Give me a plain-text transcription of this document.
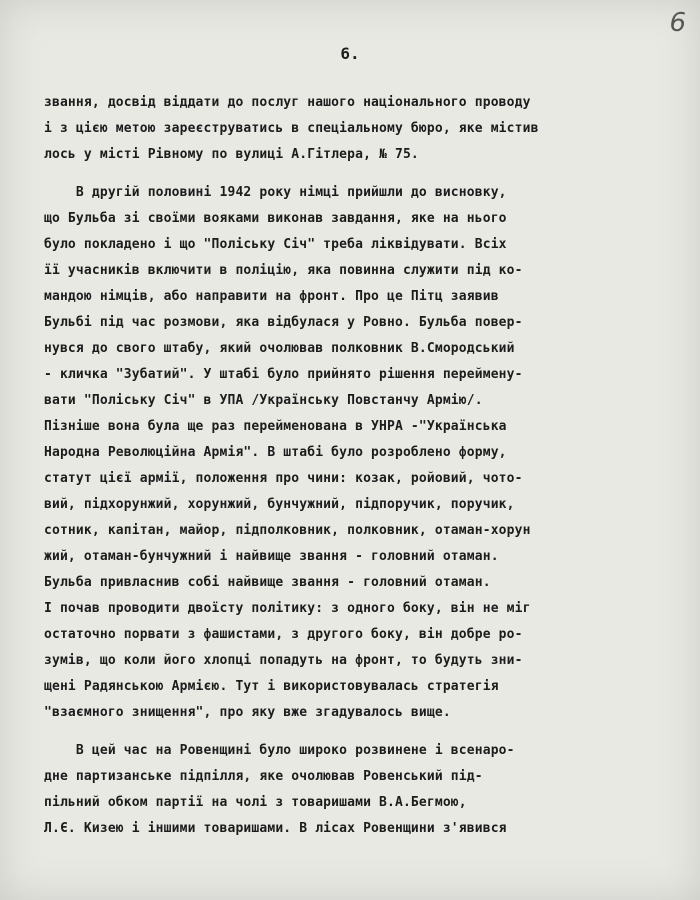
6
6.
звання, досвід віддати до послуг нашого національного проводу
і з цією метою зареєструватись в спеціальному бюро, яке містив
лось у місті Рівному по вулиці А.Гітлера, № 75.
В другій половині 1942 року німці прийшли до висновку,
що Бульба зі своїми вояками виконав завдання, яке на нього
було покладено і що "Поліську Січ" треба ліквідувати. Всіх
її учасників включити в поліцію, яка повинна служити під ко-
мандою німців, або направити на фронт. Про це Пітц заявив
Бульбі під час розмови, яка відбулася у Ровно. Бульба повер-
нувся до свого штабу, який очолював полковник В.Смородський
- кличка "Зубатий". У штабі було прийнято рішення переймену-
вати "Поліську Січ" в УПА /Українську Повстанчу Армію/.
Пізніше вона була ще раз перейменована в УНРА -"Українська
Народна Революційна Армія". В штабі було розроблено форму,
статут цієї армії, положення про чини: козак, ройовий, чото-
вий, підхорунжий, хорунжий, бунчужний, підпоручик, поручик,
сотник, капітан, майор, підполковник, полковник, отаман-хорун
жий, отаман-бунчужний і найвище звання - головний отаман.
Бульба привласнив собі найвище звання - головний отаман.
І почав проводити двоїсту політику: з одного боку, він не міг
остаточно порвати з фашистами, з другого боку, він добре ро-
зумів, що коли його хлопці попадуть на фронт, то будуть зни-
щені Радянською Армією. Тут і використовувалась стратегія
"взаємного знищення", про яку вже згадувалось вище.
В цей час на Ровенщині було широко розвинене і всенаро-
дне партизанське підпілля, яке очолював Ровенський під-
пільний обком партії на чолі з товаришами В.А.Бегмою,
Л.Є. Кизею і іншими товаришами. В лісах Ровенщини з'явився
